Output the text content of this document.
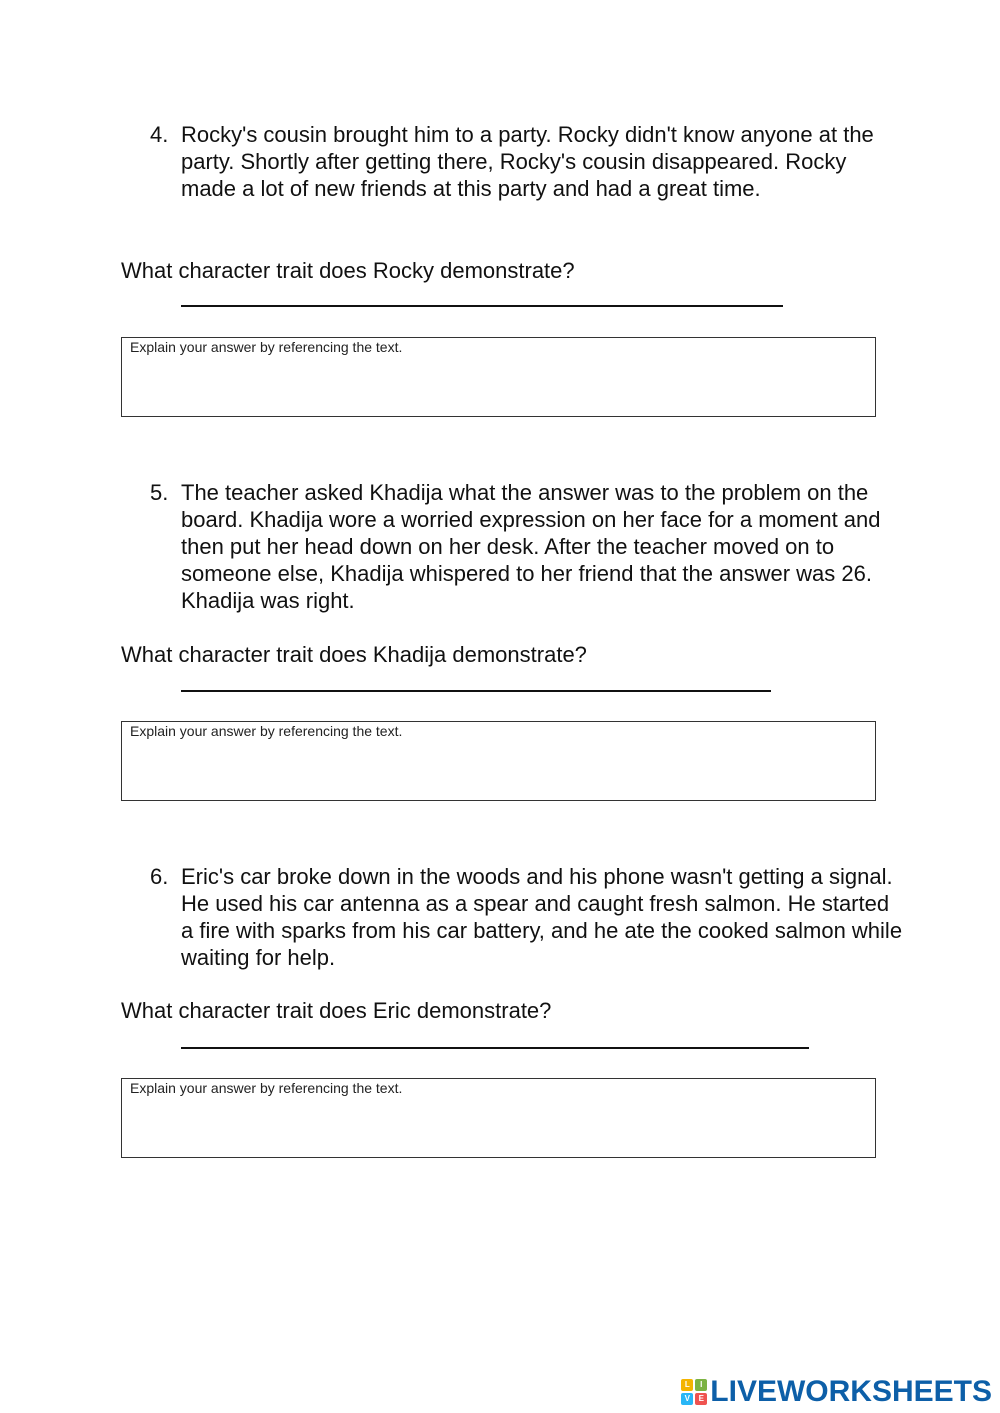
4. Rocky's cousin brought him to a party. Rocky didn't know anyone at the party. Shortly after getting there, Rocky's cousin disappeared. Rocky made a lot of new friends at this party and had a great time.
What character trait does Rocky demonstrate?
Explain your answer by referencing the text.
5. The teacher asked Khadija what the answer was to the problem on the board. Khadija wore a worried expression on her face for a moment and then put her head down on her desk. After the teacher moved on to someone else, Khadija whispered to her friend that the answer was 26. Khadija was right.
What character trait does Khadija demonstrate?
Explain your answer by referencing the text.
6. Eric's car broke down in the woods and his phone wasn't getting a signal. He used his car antenna as a spear and caught fresh salmon. He started a fire with sparks from his car battery, and he ate the cooked salmon while waiting for help.
What character trait does Eric demonstrate?
Explain your answer by referencing the text.
L	I
V	E LIVEWORKSHEETS
